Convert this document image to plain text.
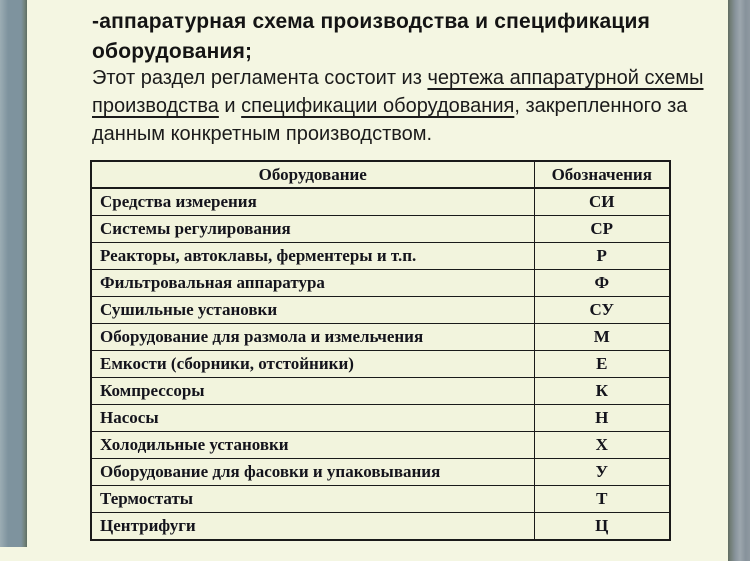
-аппаратурная схема производства и спецификация
оборудования;
Этот раздел регламента состоит из чертежа аппаратурной схемы
производства и спецификации оборудования, закрепленного за
данным конкретным производством.
Оборудование	Обозначения
Средства измерения	СИ
Системы регулирования	СР
Реакторы, автоклавы, ферментеры и т.п.	Р
Фильтровальная аппаратура	Ф
Сушильные установки	СУ
Оборудование для размола и измельчения	М
Емкости (сборники, отстойники)	Е
Компрессоры	К
Насосы	Н
Холодильные установки	Х
Оборудование для фасовки и упаковывания	У
Термостаты	Т
Центрифуги	Ц
